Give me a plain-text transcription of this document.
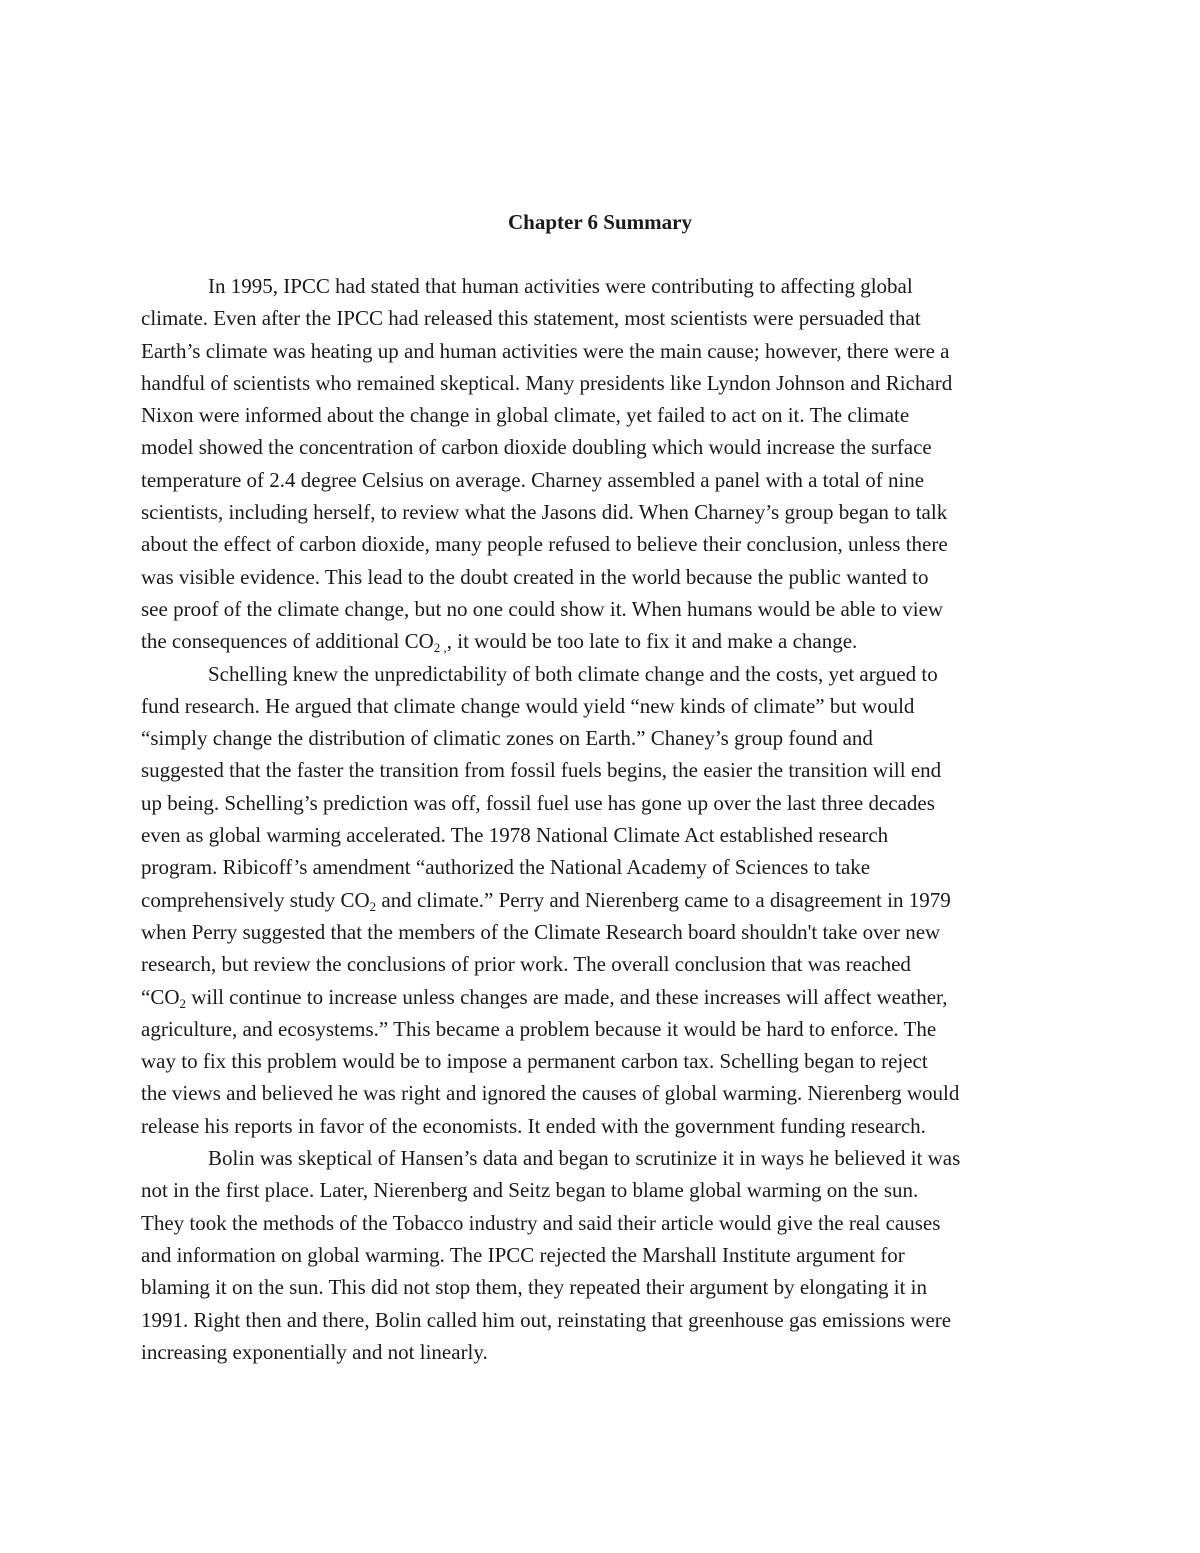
Chapter 6 Summary

In 1995, IPCC had stated that human activities were contributing to affecting global
climate. Even after the IPCC had released this statement, most scientists were persuaded that
Earth’s climate was heating up and human activities were the main cause; however, there were a
handful of scientists who remained skeptical. Many presidents like Lyndon Johnson and Richard
Nixon were informed about the change in global climate, yet failed to act on it. The climate
model showed the concentration of carbon dioxide doubling which would increase the surface
temperature of 2.4 degree Celsius on average. Charney assembled a panel with a total of nine
scientists, including herself, to review what the Jasons did. When Charney’s group began to talk
about the effect of carbon dioxide, many people refused to believe their conclusion, unless there
was visible evidence. This lead to the doubt created in the world because the public wanted to
see proof of the climate change, but no one could show it. When humans would be able to view
the consequences of additional $CO_{2 ,}$, it would be too late to fix it and make a change.

Schelling knew the unpredictability of both climate change and the costs, yet argued to
fund research. He argued that climate change would yield “new kinds of climate” but would
“simply change the distribution of climatic zones on Earth.” Chaney’s group found and
suggested that the faster the transition from fossil fuels begins, the easier the transition will end
up being. Schelling’s prediction was off, fossil fuel use has gone up over the last three decades
even as global warming accelerated. The 1978 National Climate Act established research
program. Ribicoff’s amendment “authorized the National Academy of Sciences to take
comprehensively study $CO_2$ and climate.” Perry and Nierenberg came to a disagreement in 1979
when Perry suggested that the members of the Climate Research board shouldn't take over new
research, but review the conclusions of prior work. The overall conclusion that was reached
“$CO_2$ will continue to increase unless changes are made, and these increases will affect weather,
agriculture, and ecosystems.” This became a problem because it would be hard to enforce. The
way to fix this problem would be to impose a permanent carbon tax. Schelling began to reject
the views and believed he was right and ignored the causes of global warming. Nierenberg would
release his reports in favor of the economists. It ended with the government funding research.

Bolin was skeptical of Hansen’s data and began to scrutinize it in ways he believed it was
not in the first place. Later, Nierenberg and Seitz began to blame global warming on the sun.
They took the methods of the Tobacco industry and said their article would give the real causes
and information on global warming. The IPCC rejected the Marshall Institute argument for
blaming it on the sun. This did not stop them, they repeated their argument by elongating it in
1991. Right then and there, Bolin called him out, reinstating that greenhouse gas emissions were
increasing exponentially and not linearly.
